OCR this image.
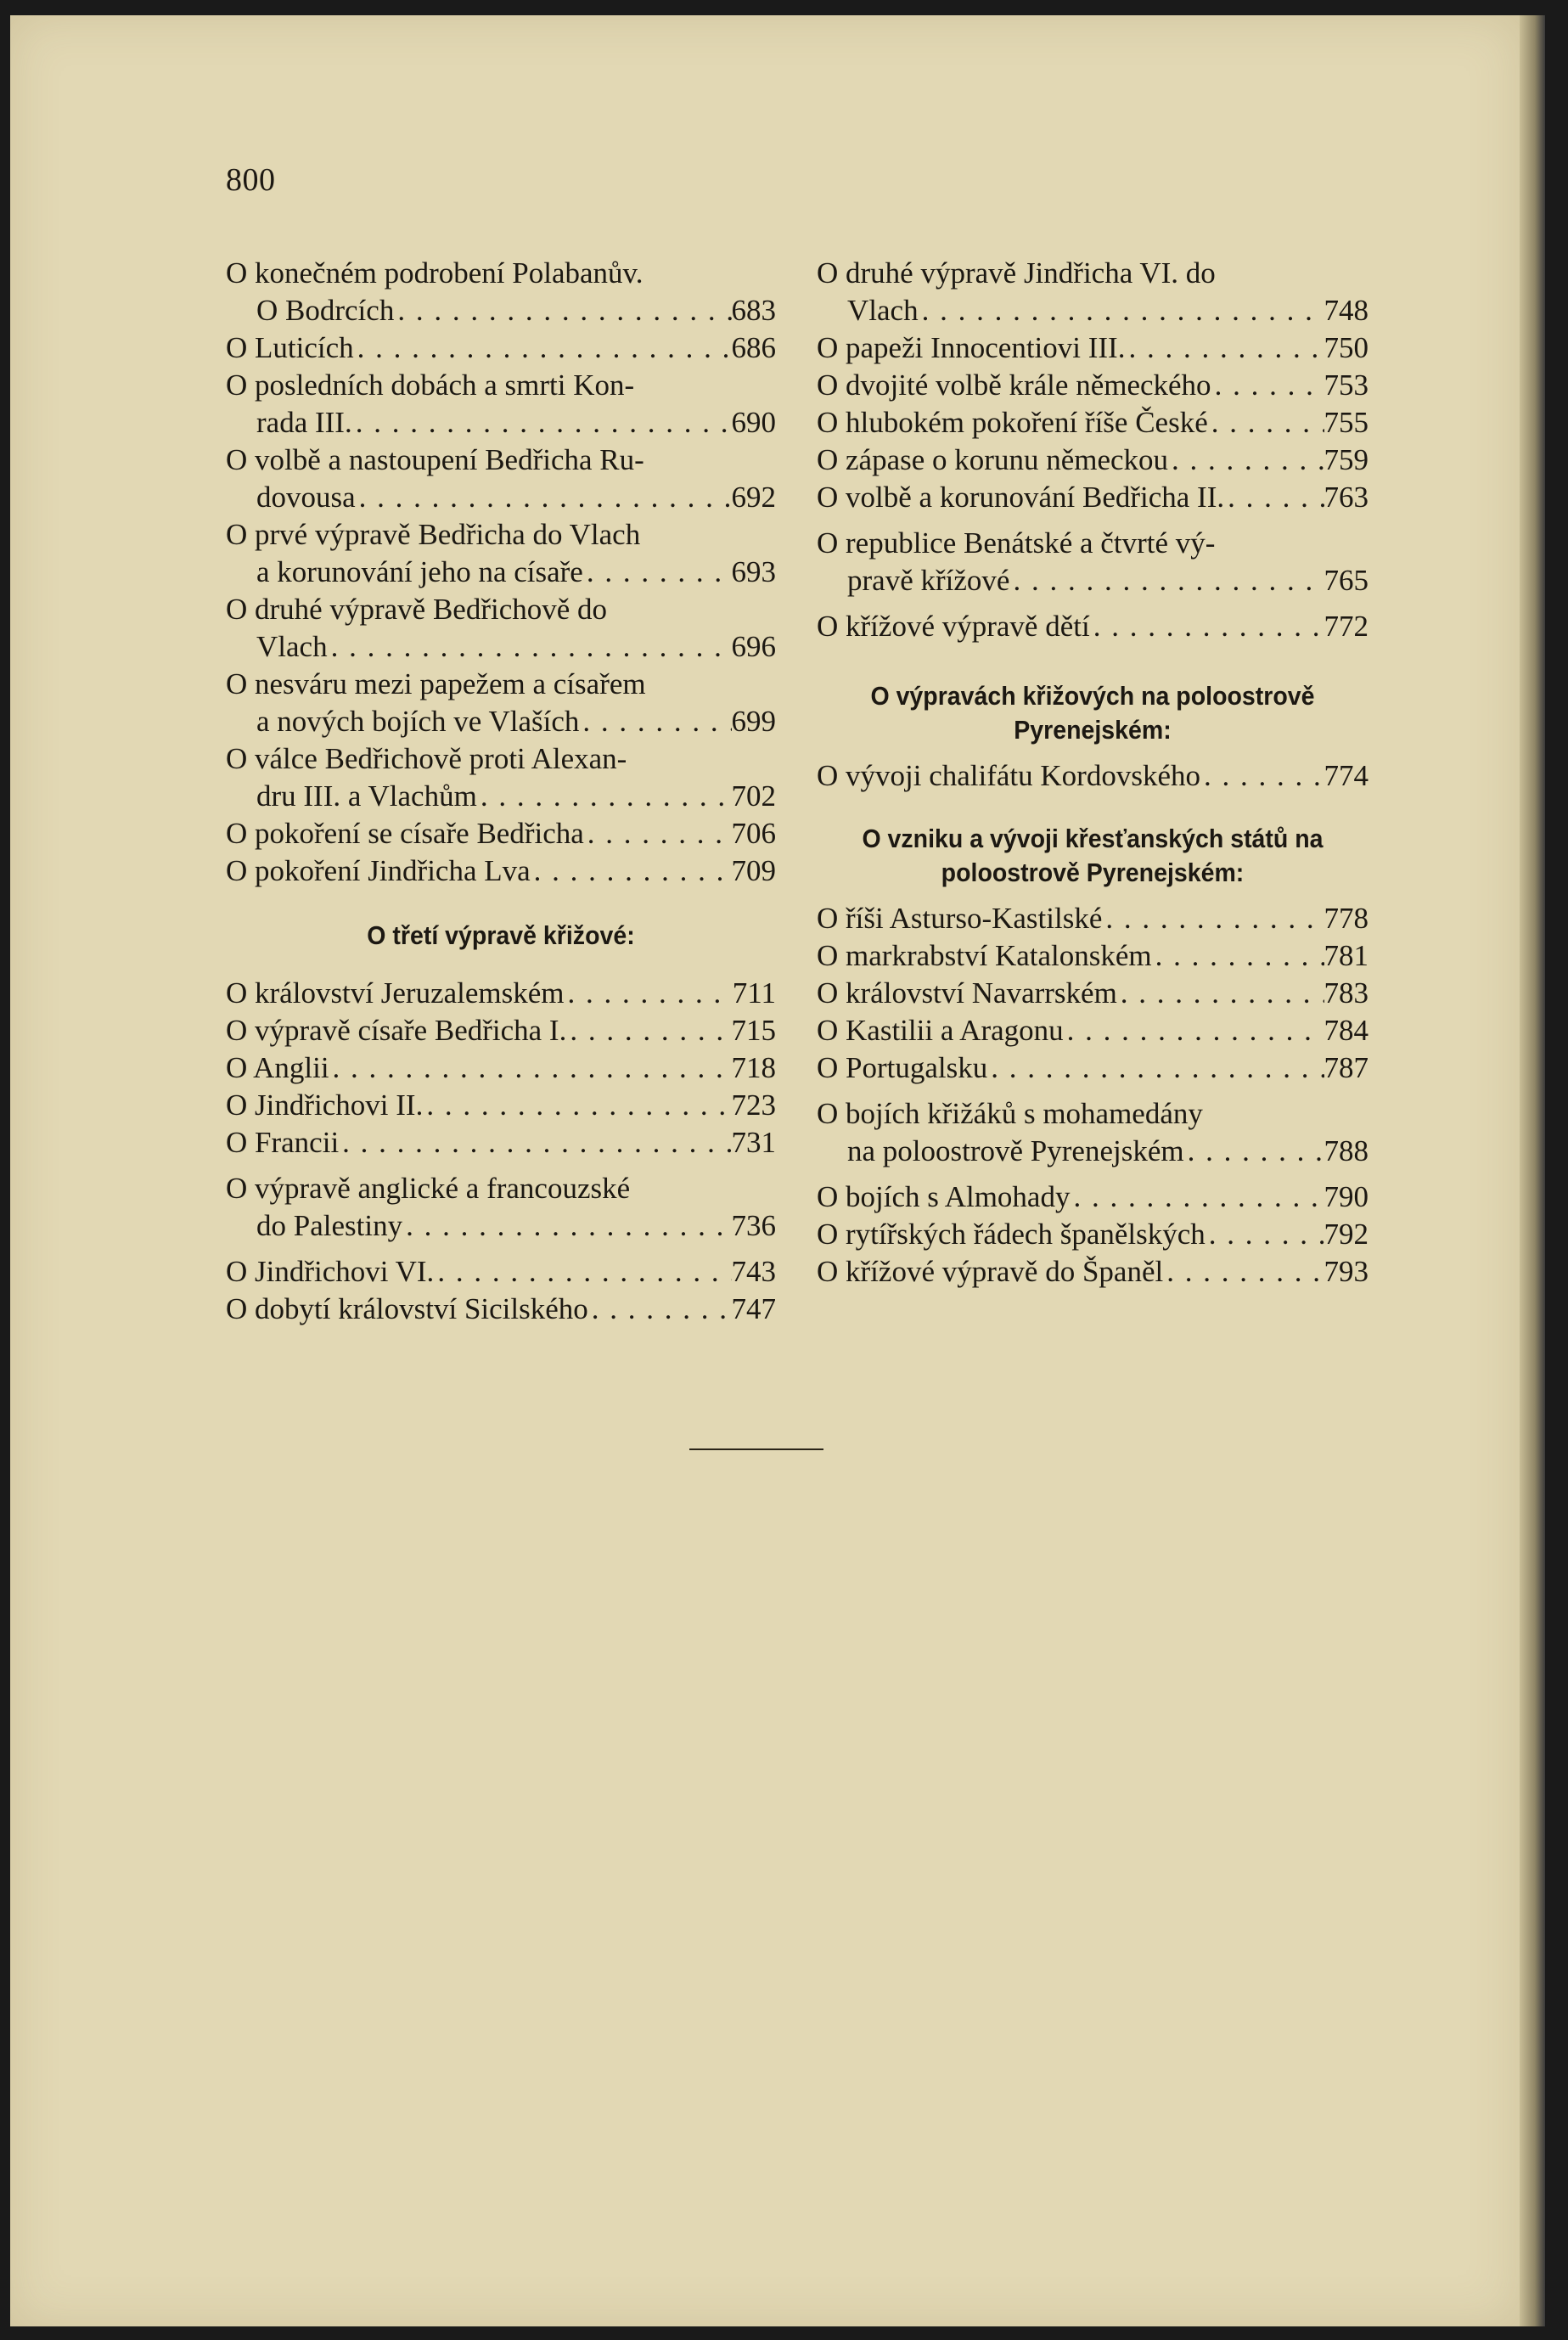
800
O konečném podrobení Polabanův.
O Bodrcích . . .	683
O Luticích . . .	686
O posledních dobách a smrti Kon-
rada III. . . .	690
O volbě a nastoupení Bedřicha Ru-
dovousa . . .	692
O prvé výpravě Bedřicha do Vlach
a korunování jeho na císaře . . .	693
O druhé výpravě Bedřichově do
Vlach . . .	696
O nesváru mezi papežem a císařem
a nových bojích ve Vlaších . . .	699
O válce Bedřichově proti Alexan-
dru III. a Vlachům . . .	702
O pokoření se císaře Bedřicha . . .	706
O pokoření Jindřicha Lva . . .	709
O třetí výpravě křižové:
O království Jeruzalemském . . .	711
O výpravě císaře Bedřicha I. . . .	715
O Anglii . . .	718
O Jindřichovi II. . . .	723
O Francii . . .	731
O výpravě anglické a francouzské
do Palestiny . . .	736
O Jindřichovi VI. . . .	743
O dobytí království Sicilského . . .	747
O druhé výpravě Jindřicha VI. do
Vlach . . .	748
O papeži Innocentiovi III. . . .	750
O dvojité volbě krále německého . . .	753
O hlubokém pokoření říše České . . .	755
O zápase o korunu německou . . .	759
O volbě a korunování Bedřicha II. . . .	763
O republice Benátské a čtvrté vý-
pravě křížové . . .	765
O křížové výpravě dětí . . .	772
O výpravách křižových na poloostrově
Pyrenejském:
O vývoji chalifátu Kordovského . . .	774
O vzniku a vývoji křesťanských států na
poloostrově Pyrenejském:
O říši Asturso-Kastilské . . .	778
O markrabství Katalonském . . .	781
O království Navarrském . . .	783
O Kastilii a Aragonu . . .	784
O Portugalsku . . .	787
O bojích křižáků s mohamedány
na poloostrově Pyrenejském . . .	788
O bojích s Almohady . . .	790
O rytířských řádech španělských . . .	792
O křížové výpravě do Španěl . . .	793
